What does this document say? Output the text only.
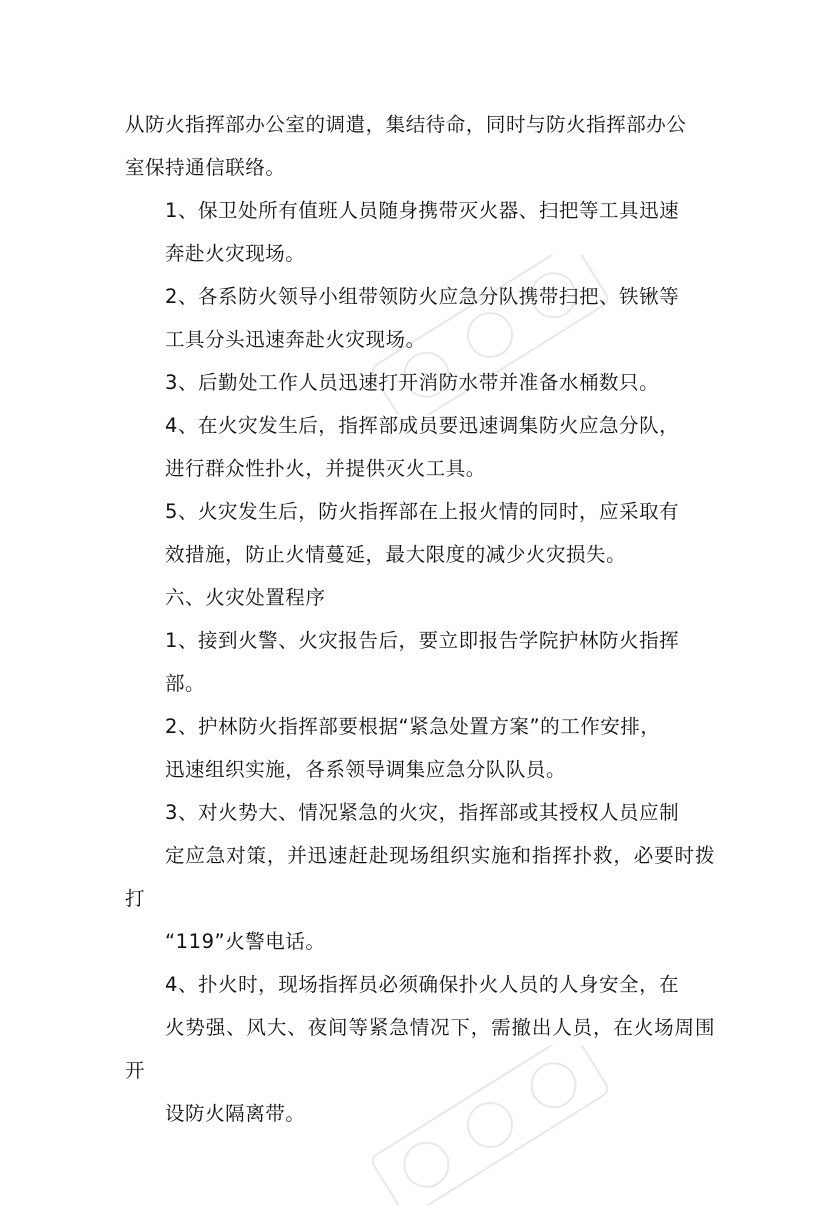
从防火指挥部办公室的调遣，集结待命，同时与防火指挥部办公
室保持通信联络。

1、保卫处所有值班人员随身携带灭火器、扫把等工具迅速
奔赴火灾现场。

2、各系防火领导小组带领防火应急分队携带扫把、铁锹等
工具分头迅速奔赴火灾现场。

3、后勤处工作人员迅速打开消防水带并准备水桶数只。

4、在火灾发生后，指挥部成员要迅速调集防火应急分队，
进行群众性扑火，并提供灭火工具。

5、火灾发生后，防火指挥部在上报火情的同时，应采取有
效措施，防止火情蔓延，最大限度的减少火灾损失。

六、火灾处置程序

1、接到火警、火灾报告后，要立即报告学院护林防火指挥
部。

2、护林防火指挥部要根据“紧急处置方案”的工作安排，
迅速组织实施，各系领导调集应急分队队员。

3、对火势大、情况紧急的火灾，指挥部或其授权人员应制
定应急对策，并迅速赶赴现场组织实施和指挥扑救，必要时拨打
“119”火警电话。

4、扑火时，现场指挥员必须确保扑火人员的人身安全，在
火势强、风大、夜间等紧急情况下，需撤出人员，在火场周围开
设防火隔离带。
